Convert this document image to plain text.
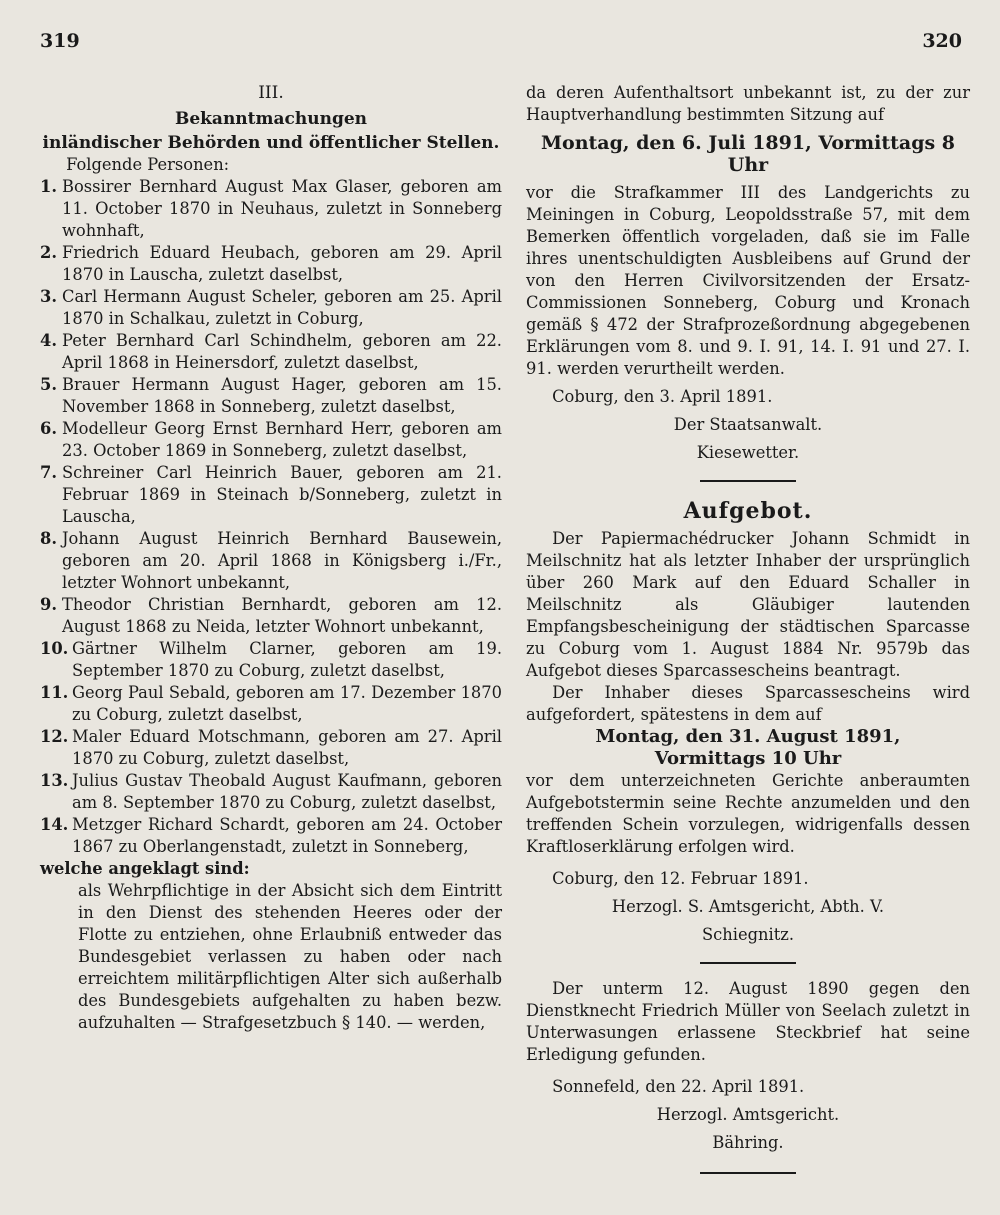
319	320
III.
Bekanntmachungen
inländischer Behörden und öffentlicher Stellen.
Folgende Personen:
1. Bossirer Bernhard August Max Glaser, geboren am 11. October 1870 in Neuhaus, zuletzt in Sonneberg wohnhaft,
2. Friedrich Eduard Heubach, geboren am 29. April 1870 in Lauscha, zuletzt daselbst,
3. Carl Hermann August Scheler, geboren am 25. April 1870 in Schalkau, zuletzt in Coburg,
4. Peter Bernhard Carl Schindhelm, geboren am 22. April 1868 in Heinersdorf, zuletzt daselbst,
5. Brauer Hermann August Hager, geboren am 15. November 1868 in Sonneberg, zuletzt daselbst,
6. Modelleur Georg Ernst Bernhard Herr, geboren am 23. October 1869 in Sonneberg, zuletzt daselbst,
7. Schreiner Carl Heinrich Bauer, geboren am 21. Februar 1869 in Steinach b/Sonneberg, zuletzt in Lauscha,
8. Johann August Heinrich Bernhard Bausewein, geboren am 20. April 1868 in Königsberg i./Fr., letzter Wohnort unbekannt,
9. Theodor Christian Bernhardt, geboren am 12. August 1868 zu Neida, letzter Wohnort unbekannt,
10. Gärtner Wilhelm Clarner, geboren am 19. September 1870 zu Coburg, zuletzt daselbst,
11. Georg Paul Sebald, geboren am 17. Dezember 1870 zu Coburg, zuletzt daselbst,
12. Maler Eduard Motschmann, geboren am 27. April 1870 zu Coburg, zuletzt daselbst,
13. Julius Gustav Theobald August Kaufmann, geboren am 8. September 1870 zu Coburg, zuletzt daselbst,
14. Metzger Richard Schardt, geboren am 24. October 1867 zu Oberlangenstadt, zuletzt in Sonneberg,
welche angeklagt sind:
als Wehrpflichtige in der Absicht sich dem Eintritt in den Dienst des stehenden Heeres oder der Flotte zu entziehen, ohne Erlaubniß entweder das Bundesgebiet verlassen zu haben oder nach erreichtem militärpflichtigen Alter sich außerhalb des Bundesgebiets aufgehalten zu haben bezw. aufzuhalten — Strafgesetzbuch § 140. — werden,
da deren Aufenthaltsort unbekannt ist, zu der zur Hauptverhandlung bestimmten Sitzung auf
Montag, den 6. Juli 1891, Vormittags 8 Uhr
vor die Strafkammer III des Landgerichts zu Meiningen in Coburg, Leopoldsstraße 57, mit dem Bemerken öffentlich vorgeladen, daß sie im Falle ihres unentschuldigten Ausbleibens auf Grund der von den Herren Civilvorsitzenden der Ersatz-Commissionen Sonneberg, Coburg und Kronach gemäß § 472 der Strafprozeßordnung abgegebenen Erklärungen vom 8. und 9. I. 91, 14. I. 91 und 27. I. 91. werden verurtheilt werden.
Coburg, den 3. April 1891.
Der Staatsanwalt.
Kiesewetter.
Aufgebot.
Der Papiermachédrucker Johann Schmidt in Meilschnitz hat als letzter Inhaber der ursprünglich über 260 Mark auf den Eduard Schaller in Meilschnitz als Gläubiger lautenden Empfangsbescheinigung der städtischen Sparcasse zu Coburg vom 1. August 1884 Nr. 9579b das Aufgebot dieses Sparcassescheins beantragt.
Der Inhaber dieses Sparcassescheins wird aufgefordert, spätestens in dem auf
Montag, den 31. August 1891,
Vormittags 10 Uhr
vor dem unterzeichneten Gerichte anberaumten Aufgebotstermin seine Rechte anzumelden und den treffenden Schein vorzulegen, widrigenfalls dessen Kraftloserklärung erfolgen wird.
Coburg, den 12. Februar 1891.
Herzogl. S. Amtsgericht, Abth. V.
Schiegnitz.
Der unterm 12. August 1890 gegen den Dienstknecht Friedrich Müller von Seelach zuletzt in Unterwasungen erlassene Steckbrief hat seine Erledigung gefunden.
Sonnefeld, den 22. April 1891.
Herzogl. Amtsgericht.
Bähring.
